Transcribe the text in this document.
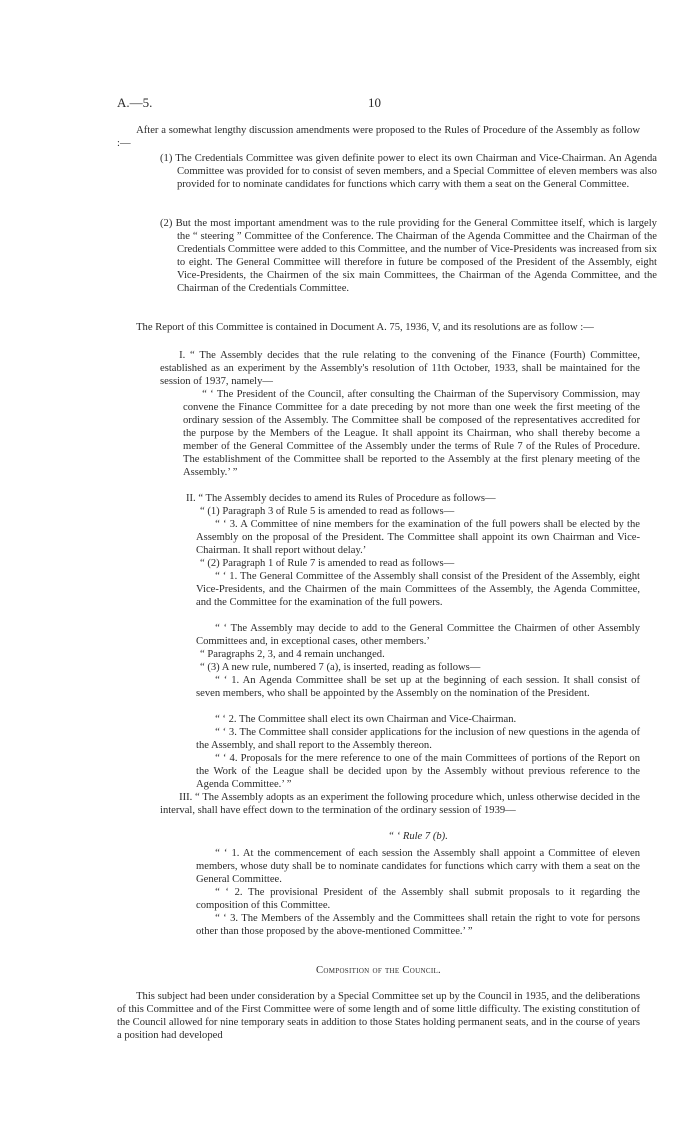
A.—5.	10
After a somewhat lengthy discussion amendments were proposed to the Rules of Procedure of the Assembly as follow :—
(1) The Credentials Committee was given definite power to elect its own Chairman and Vice-Chairman. An Agenda Committee was provided for to consist of seven members, and a Special Committee of eleven members was also provided for to nominate candidates for functions which carry with them a seat on the General Committee.
(2) But the most important amendment was to the rule providing for the General Committee itself, which is largely the “ steering ” Committee of the Conference. The Chairman of the Agenda Committee and the Chairman of the Credentials Committee were added to this Committee, and the number of Vice-Presidents was increased from six to eight. The General Committee will therefore in future be composed of the President of the Assembly, eight Vice-Presidents, the Chairmen of the six main Committees, the Chairman of the Agenda Committee, and the Chairman of the Credentials Committee.
The Report of this Committee is contained in Document A. 75, 1936, V, and its resolutions are as follow :—
I. “ The Assembly decides that the rule relating to the convening of the Finance (Fourth) Committee, established as an experiment by the Assembly's resolution of 11th October, 1933, shall be maintained for the session of 1937, namely—
“ ‘ The President of the Council, after consulting the Chairman of the Supervisory Commission, may convene the Finance Committee for a date preceding by not more than one week the first meeting of the ordinary session of the Assembly. The Committee shall be composed of the representatives accredited for the purpose by the Members of the League. It shall appoint its Chairman, who shall thereby become a member of the General Committee of the Assembly under the terms of Rule 7 of the Rules of Procedure. The establishment of the Committee shall be reported to the Assembly at the first plenary meeting of the Assembly.’ ”
II. “ The Assembly decides to amend its Rules of Procedure as follows—
“ (1) Paragraph 3 of Rule 5 is amended to read as follows—
“ ‘ 3. A Committee of nine members for the examination of the full powers shall be elected by the Assembly on the proposal of the President. The Committee shall appoint its own Chairman and Vice-Chairman. It shall report without delay.’
“ (2) Paragraph 1 of Rule 7 is amended to read as follows—
“ ‘ 1. The General Committee of the Assembly shall consist of the President of the Assembly, eight Vice-Presidents, and the Chairmen of the main Committees of the Assembly, the Agenda Committee, and the Committee for the examination of the full powers.
“ ‘ The Assembly may decide to add to the General Committee the Chairmen of other Assembly Committees and, in exceptional cases, other members.’
“ Paragraphs 2, 3, and 4 remain unchanged.
“ (3) A new rule, numbered 7 (a), is inserted, reading as follows—
“ ‘ 1. An Agenda Committee shall be set up at the beginning of each session. It shall consist of seven members, who shall be appointed by the Assembly on the nomination of the President.
“ ‘ 2. The Committee shall elect its own Chairman and Vice-Chairman.
“ ‘ 3. The Committee shall consider applications for the inclusion of new questions in the agenda of the Assembly, and shall report to the Assembly thereon.
“ ‘ 4. Proposals for the mere reference to one of the main Committees of portions of the Report on the Work of the League shall be decided upon by the Assembly without previous reference to the Agenda Committee.’ ”
III. “ The Assembly adopts as an experiment the following procedure which, unless otherwise decided in the interval, shall have effect down to the termination of the ordinary session of 1939—
“ ‘ Rule 7 (b).
“ ‘ 1. At the commencement of each session the Assembly shall appoint a Committee of eleven members, whose duty shall be to nominate candidates for functions which carry with them a seat on the General Committee.
“ ‘ 2. The provisional President of the Assembly shall submit proposals to it regarding the composition of this Committee.
“ ‘ 3. The Members of the Assembly and the Committees shall retain the right to vote for persons other than those proposed by the above-mentioned Committee.’ ”
Composition of the Council.
This subject had been under consideration by a Special Committee set up by the Council in 1935, and the deliberations of this Committee and of the First Committee were of some length and of some little difficulty. The existing constitution of the Council allowed for nine temporary seats in addition to those States holding permanent seats, and in the course of years a position had developed
